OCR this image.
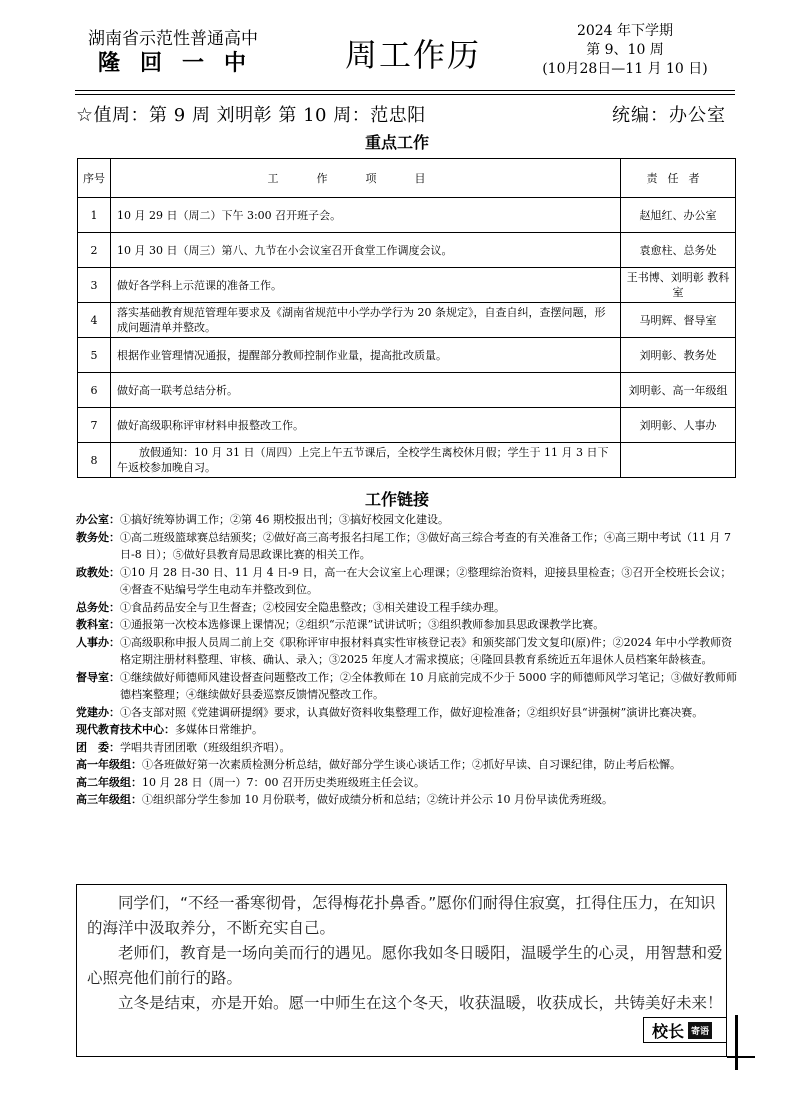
湖南省示范性普通高中
隆回一中 周工作历
2024 年下学期
第 9、10 周
(10月28日—11 月 10 日)
☆值周：第 9 周 刘明彰 第 10 周：范忠阳	统编：办公室
重点工作
序号	工作项目	责任者
1	10 月 29 日（周二）下午 3:00 召开班子会。	赵旭红、办公室
2	10 月 30 日（周三）第八、九节在小会议室召开食堂工作调度会议。	袁愈柱、总务处
3	做好各学科上示范课的准备工作。	王书博、刘明彰 教科室
4	落实基础教育规范管理年要求及《湖南省规范中小学办学行为 20 条规定》，自查自纠，查摆问题，形成问题清单并整改。	马明辉、督导室
5	根据作业管理情况通报，提醒部分教师控制作业量，提高批改质量。	刘明彰、教务处
6	做好高一联考总结分析。	刘明彰、高一年级组
7	做好高级职称评审材料申报整改工作。	刘明彰、人事办
8	放假通知：10 月 31 日（周四）上完上午五节课后，全校学生离校休月假；学生于 11 月 3 日下午返校参加晚自习。	
工作链接
办公室： ①搞好统筹协调工作；②第 46 期校报出刊；③搞好校园文化建设。
教务处： ①高二班级篮球赛总结颁奖；②做好高三高考报名扫尾工作；③做好高三综合考查的有关准备工作；④高三期中考试（11 月 7 日-8 日）；⑤做好县教育局思政课比赛的相关工作。
政教处： ①10 月 28 日-30 日、11 月 4 日-9 日，高一在大会议室上心理课；②整理综治资料，迎接县里检查；③召开全校班长会议；④督查不贴编号学生电动车并整改到位。
总务处： ①食品药品安全与卫生督查；②校园安全隐患整改；③相关建设工程手续办理。
教科室： ①通报第一次校本选修课上课情况；②组织“示范课”试讲试听；③组织教师参加县思政课教学比赛。
人事办： ①高级职称申报人员周二前上交《职称评审申报材料真实性审核登记表》和颁奖部门发文复印(原)件；②2024 年中小学教师资格定期注册材料整理、审核、确认、录入；③2025 年度人才需求摸底；④隆回县教育系统近五年退休人员档案年龄核查。
督导室： ①继续做好师德师风建设督查问题整改工作；②全体教师在 10 月底前完成不少于 5000 字的师德师风学习笔记；③做好教师师德档案整理；④继续做好县委巡察反馈情况整改工作。
党建办： ①各支部对照《党建调研提纲》要求，认真做好资料收集整理工作，做好迎检准备；②组织好县“讲强树”演讲比赛决赛。
现代教育技术中心： 多媒体日常维护。
团　委： 学唱共青团团歌（班级组织齐唱）。
高一年级组： ①各班做好第一次素质检测分析总结，做好部分学生谈心谈话工作；②抓好早读、自习课纪律，防止考后松懈。
高二年级组： 10 月 28 日（周一）7：00 召开历史类班级班主任会议。
高三年级组： ①组织部分学生参加 10 月份联考，做好成绩分析和总结；②统计并公示 10 月份早读优秀班级。

同学们，“不经一番寒彻骨，怎得梅花扑鼻香。”愿你们耐得住寂寞，扛得住压力，在知识的海洋中汲取养分，不断充实自己。

老师们，教育是一场向美而行的遇见。愿你我如冬日暖阳，温暖学生的心灵，用智慧和爱心照亮他们前行的路。

立冬是结束，亦是开始。愿一中师生在这个冬天，收获温暖，收获成长，共铸美好未来！

校长 寄语
